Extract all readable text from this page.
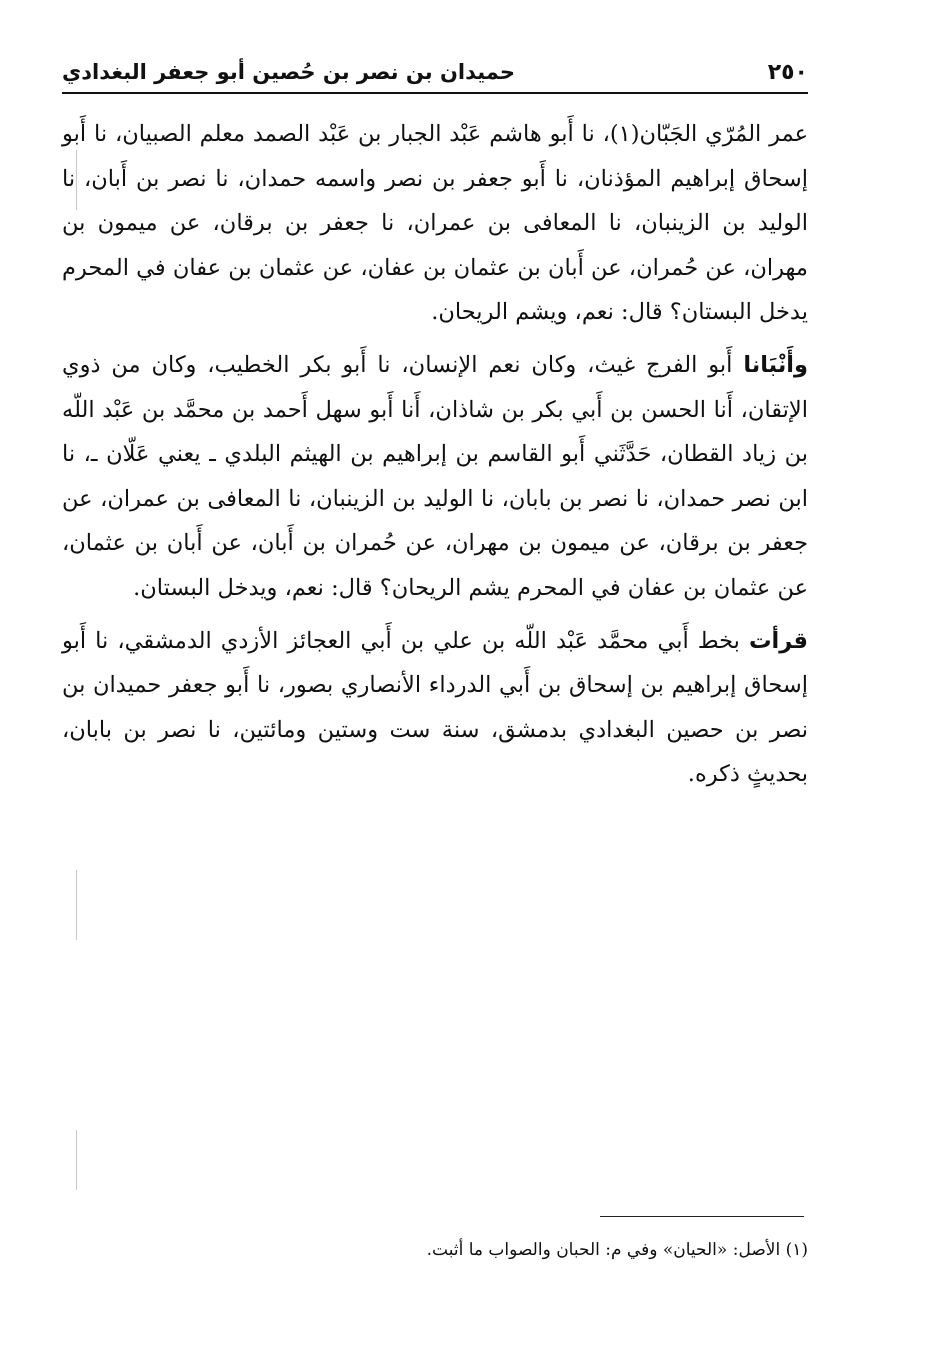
٢٥٠
حميدان بن نصر بن حُصين أبو جعفر البغدادي

عمر المُرّي الجَبّان(١)، نا أَبو هاشم عَبْد الجبار بن عَبْد الصمد معلم الصبيان، نا أَبو إسحاق إبراهيم المؤذنان، نا أَبو جعفر بن نصر واسمه حمدان، نا نصر بن أَبان، نا الوليد بن الزينبان، نا المعافى بن عمران، نا جعفر بن برقان، عن ميمون بن مهران، عن حُمران، عن أَبان بن عثمان بن عفان، عن عثمان بن عفان في المحرم يدخل البستان؟ قال: نعم، ويشم الريحان.

وأَنْبَانا أَبو الفرج غيث، وكان نعم الإنسان، نا أَبو بكر الخطيب، وكان من ذوي الإتقان، أَنا الحسن بن أَبي بكر بن شاذان، أَنا أَبو سهل أَحمد بن محمَّد بن عَبْد اللّه بن زياد القطان، حَدَّثَني أَبو القاسم بن إبراهيم بن الهيثم البلدي ـ يعني عَلّان ـ، نا ابن نصر حمدان، نا نصر بن بابان، نا الوليد بن الزينبان، نا المعافى بن عمران، عن جعفر بن برقان، عن ميمون بن مهران، عن حُمران بن أَبان، عن أَبان بن عثمان، عن عثمان بن عفان في المحرم يشم الريحان؟ قال: نعم، ويدخل البستان.

قرأت بخط أَبي محمَّد عَبْد اللّه بن علي بن أَبي العجائز الأزدي الدمشقي، نا أَبو إسحاق إبراهيم بن إسحاق بن أَبي الدرداء الأنصاري بصور، نا أَبو جعفر حميدان بن نصر بن حصين البغدادي بدمشق، سنة ست وستين ومائتين، نا نصر بن بابان، بحديثٍ ذكره.

(١) الأصل: «الحيان» وفي م: الحبان والصواب ما أثبت.
